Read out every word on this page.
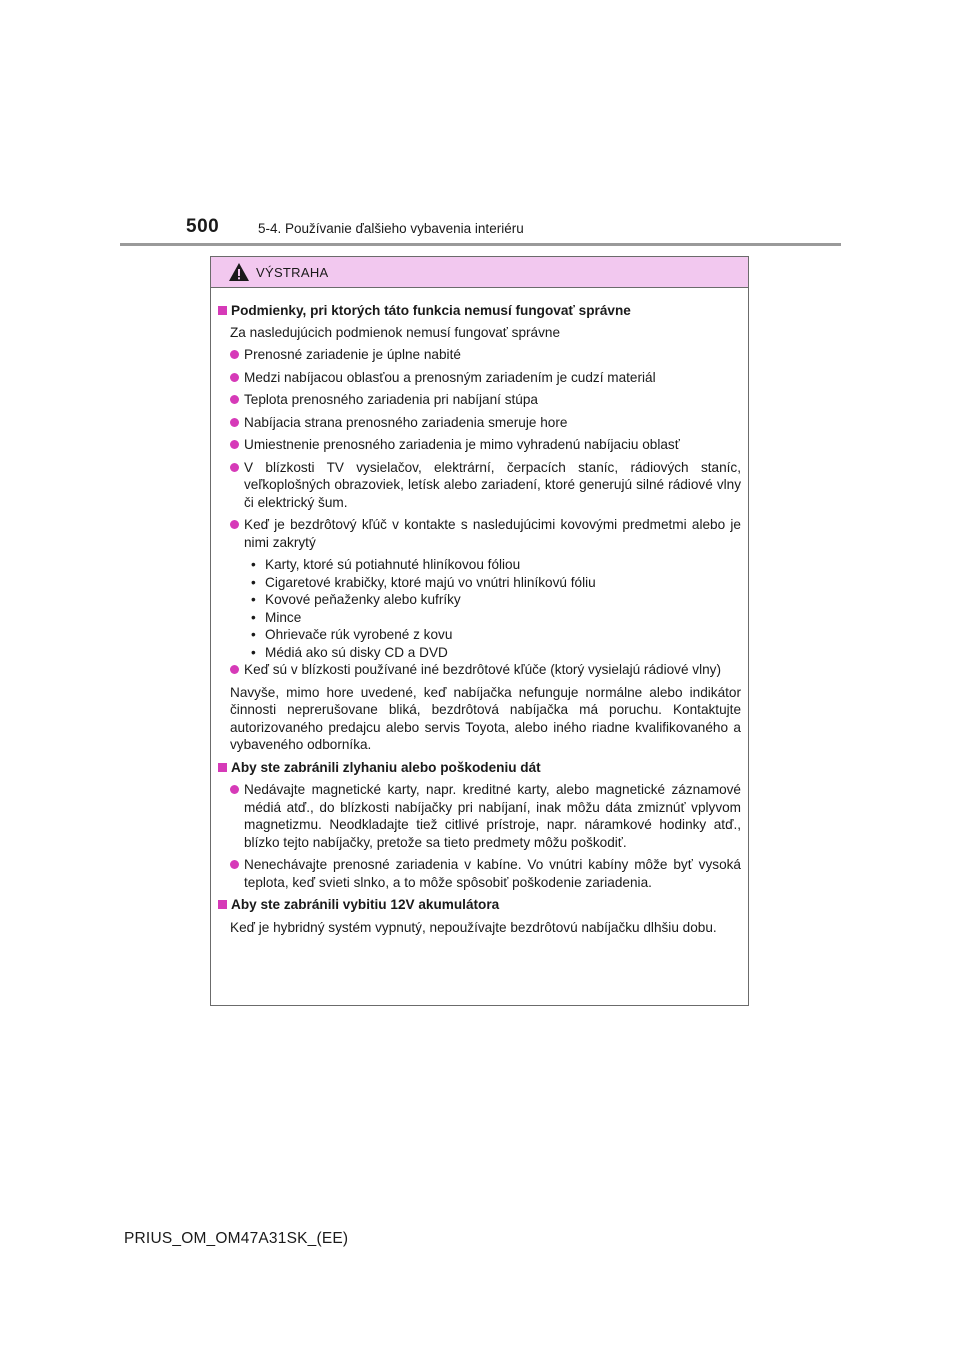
500	5-4. Používanie ďalšieho vybavenia interiéru
VÝSTRAHA
Podmienky, pri ktorých táto funkcia nemusí fungovať správne
Za nasledujúcich podmienok nemusí fungovať správne
Prenosné zariadenie je úplne nabité
Medzi nabíjacou oblasťou a prenosným zariadením je cudzí materiál
Teplota prenosného zariadenia pri nabíjaní stúpa
Nabíjacia strana prenosného zariadenia smeruje hore
Umiestnenie prenosného zariadenia je mimo vyhradenú nabíjaciu oblasť
V blízkosti TV vysielačov, elektrární, čerpacích staníc, rádiových staníc, veľkoplošných obrazoviek, letísk alebo zariadení, ktoré generujú silné rádiové vlny či elektrický šum.
Keď je bezdrôtový kľúč v kontakte s nasledujúcimi kovovými predmetmi alebo je nimi zakrytý
• Karty, ktoré sú potiahnuté hliníkovou fóliou
• Cigaretové krabičky, ktoré majú vo vnútri hliníkovú fóliu
• Kovové peňaženky alebo kufríky
• Mince
• Ohrievače rúk vyrobené z kovu
• Médiá ako sú disky CD a DVD
Keď sú v blízkosti používané iné bezdrôtové kľúče (ktorý vysielajú rádiové vlny)
Navyše, mimo hore uvedené, keď nabíjačka nefunguje normálne alebo indikátor činnosti neprerušovane bliká, bezdrôtová nabíjačka má poruchu. Kontaktujte autorizovaného predajcu alebo servis Toyota, alebo iného riadne kvalifikovaného a vybaveného odborníka.
Aby ste zabránili zlyhaniu alebo poškodeniu dát
Nedávajte magnetické karty, napr. kreditné karty, alebo magnetické záznamové médiá atď., do blízkosti nabíjačky pri nabíjaní, inak môžu dáta zmiznúť vplyvom magnetizmu. Neodkladajte tiež citlivé prístroje, napr. náramkové hodinky atď., blízko tejto nabíjačky, pretože sa tieto predmety môžu poškodiť.
Nenechávajte prenosné zariadenia v kabíne. Vo vnútri kabíny môže byť vysoká teplota, keď svieti slnko, a to môže spôsobiť poškodenie zariadenia.
Aby ste zabránili vybitiu 12V akumulátora
Keď je hybridný systém vypnutý, nepoužívajte bezdrôtovú nabíjačku dlhšiu dobu.
PRIUS_OM_OM47A31SK_(EE)
